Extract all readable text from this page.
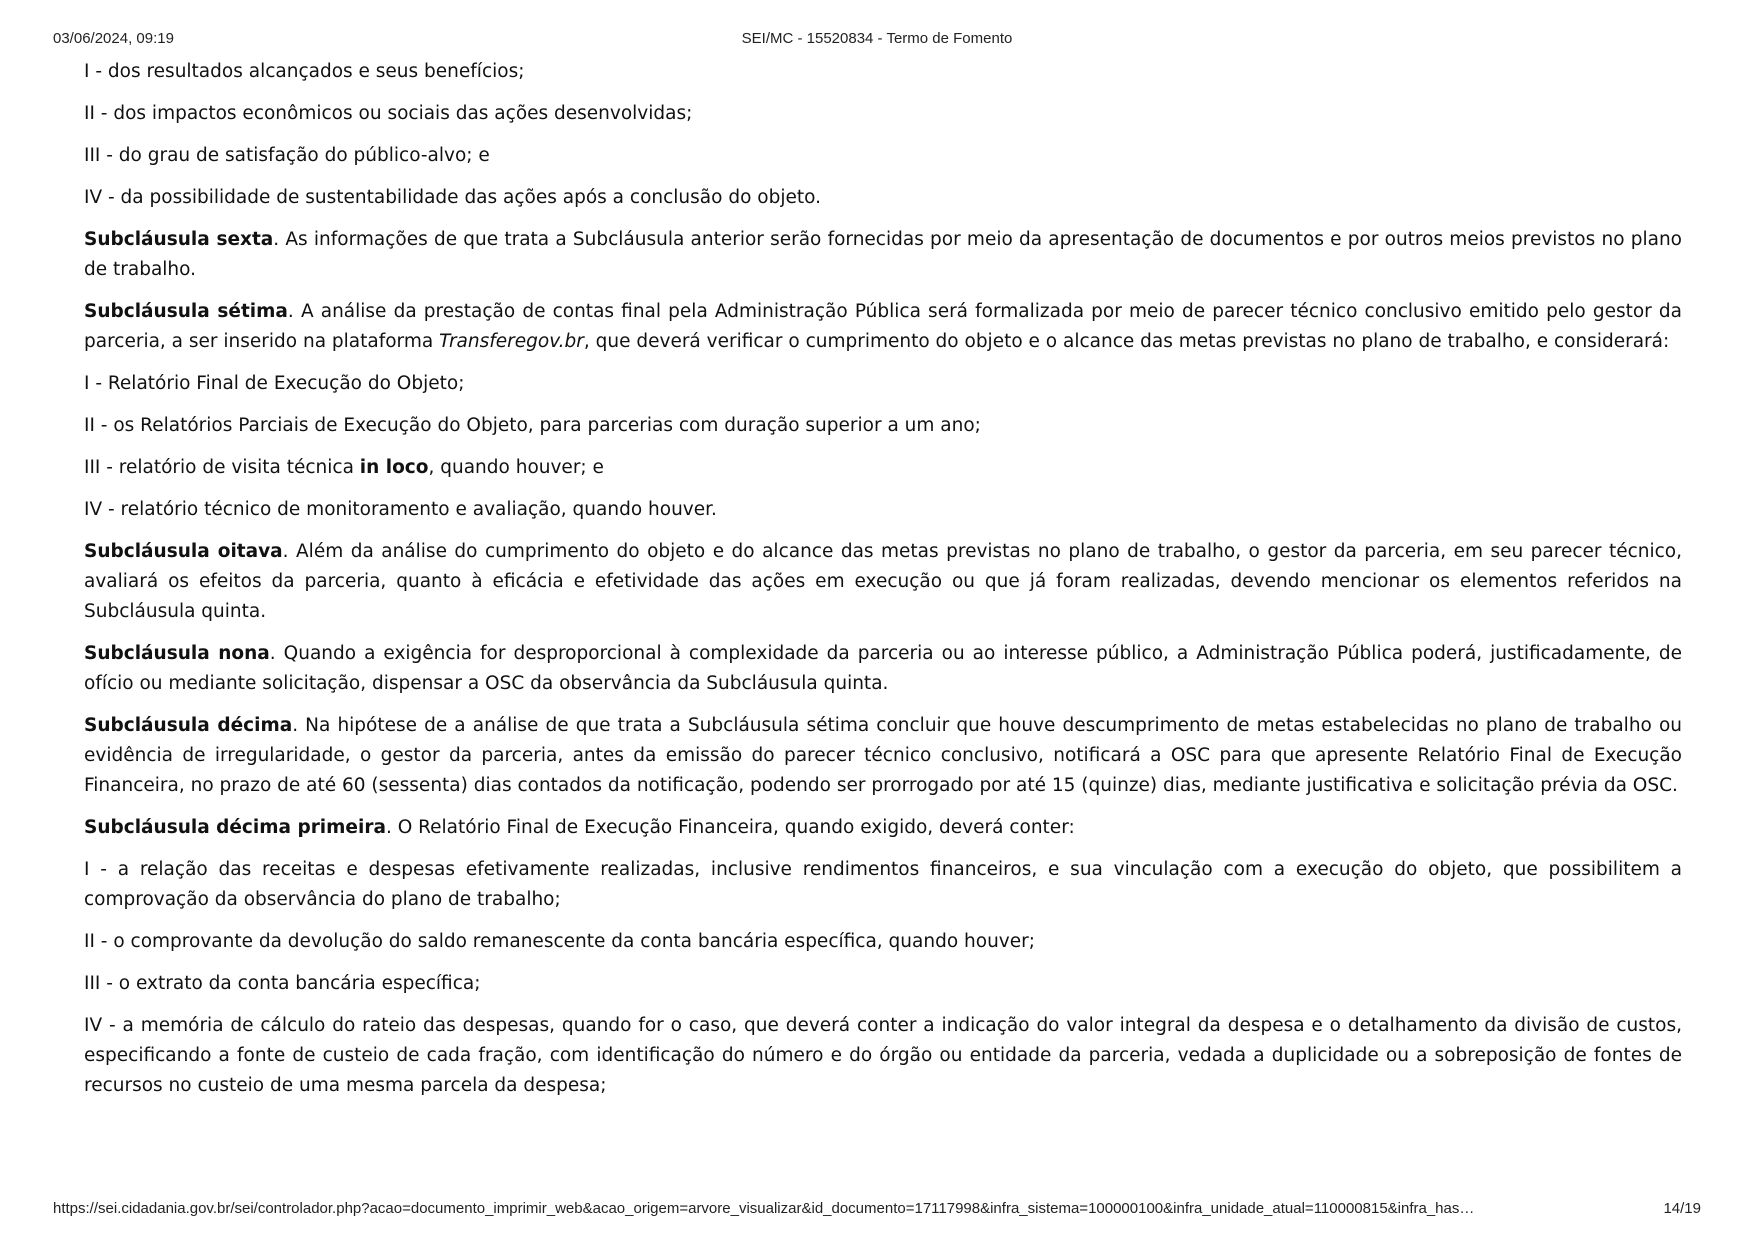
03/06/2024, 09:19	SEI/MC - 15520834 - Termo de Fomento

I - dos resultados alcançados e seus benefícios;

II - dos impactos econômicos ou sociais das ações desenvolvidas;

III - do grau de satisfação do público-alvo; e

IV - da possibilidade de sustentabilidade das ações após a conclusão do objeto.

Subcláusula sexta. As informações de que trata a Subcláusula anterior serão fornecidas por meio da apresentação de documentos e por outros meios previstos no plano de trabalho.

Subcláusula sétima. A análise da prestação de contas final pela Administração Pública será formalizada por meio de parecer técnico conclusivo emitido pelo gestor da parceria, a ser inserido na plataforma Transferegov.br, que deverá verificar o cumprimento do objeto e o alcance das metas previstas no plano de trabalho, e considerará:

I - Relatório Final de Execução do Objeto;

II - os Relatórios Parciais de Execução do Objeto, para parcerias com duração superior a um ano;

III - relatório de visita técnica in loco, quando houver; e

IV - relatório técnico de monitoramento e avaliação, quando houver.

Subcláusula oitava. Além da análise do cumprimento do objeto e do alcance das metas previstas no plano de trabalho, o gestor da parceria, em seu parecer técnico, avaliará os efeitos da parceria, quanto à eficácia e efetividade das ações em execução ou que já foram realizadas, devendo mencionar os elementos referidos na Subcláusula quinta.

Subcláusula nona. Quando a exigência for desproporcional à complexidade da parceria ou ao interesse público, a Administração Pública poderá, justificadamente, de ofício ou mediante solicitação, dispensar a OSC da observância da Subcláusula quinta.

Subcláusula décima. Na hipótese de a análise de que trata a Subcláusula sétima concluir que houve descumprimento de metas estabelecidas no plano de trabalho ou evidência de irregularidade, o gestor da parceria, antes da emissão do parecer técnico conclusivo, notificará a OSC para que apresente Relatório Final de Execução Financeira, no prazo de até 60 (sessenta) dias contados da notificação, podendo ser prorrogado por até 15 (quinze) dias, mediante justificativa e solicitação prévia da OSC.

Subcláusula décima primeira. O Relatório Final de Execução Financeira, quando exigido, deverá conter:

I - a relação das receitas e despesas efetivamente realizadas, inclusive rendimentos financeiros, e sua vinculação com a execução do objeto, que possibilitem a comprovação da observância do plano de trabalho;

II - o comprovante da devolução do saldo remanescente da conta bancária específica, quando houver;

III - o extrato da conta bancária específica;

IV - a memória de cálculo do rateio das despesas, quando for o caso, que deverá conter a indicação do valor integral da despesa e o detalhamento da divisão de custos, especificando a fonte de custeio de cada fração, com identificação do número e do órgão ou entidade da parceria, vedada a duplicidade ou a sobreposição de fontes de recursos no custeio de uma mesma parcela da despesa;

https://sei.cidadania.gov.br/sei/controlador.php?acao=documento_imprimir_web&acao_origem=arvore_visualizar&id_documento=17117998&infra_sistema=100000100&infra_unidade_atual=110000815&infra_has…	14/19
